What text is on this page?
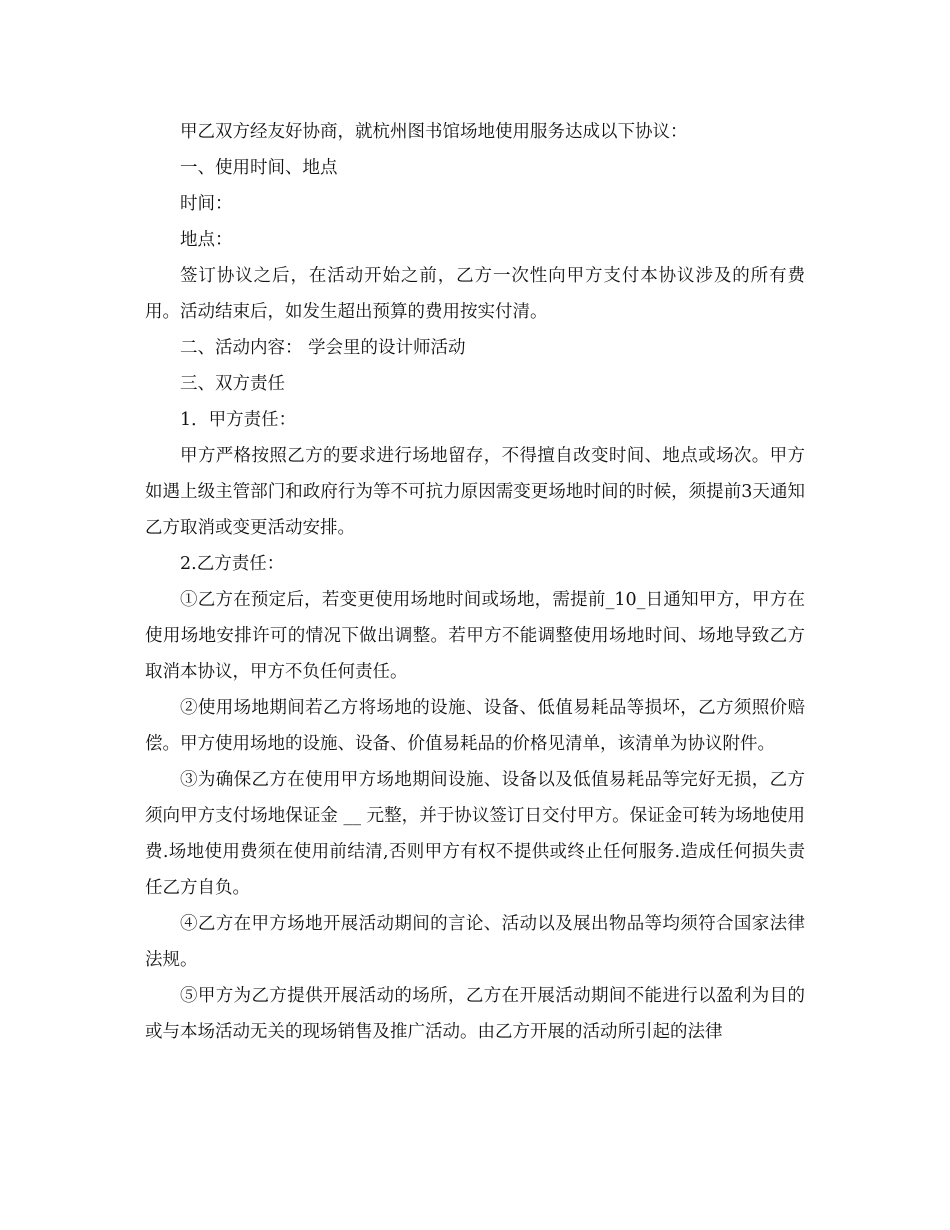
甲乙双方经友好协商，就杭州图书馆场地使用服务达成以下协议：

一、使用时间、地点

时间：

地点：

签订协议之后，在活动开始之前，乙方一次性向甲方支付本协议涉及的所有费用。活动结束后，如发生超出预算的费用按实付清。

二、活动内容： 学会里的设计师活动

三、双方责任

1．甲方责任：

甲方严格按照乙方的要求进行场地留存，不得擅自改变时间、地点或场次。甲方如遇上级主管部门和政府行为等不可抗力原因需变更场地时间的时候，须提前3天通知乙方取消或变更活动安排。

2.乙方责任：

①乙方在预定后，若变更使用场地时间或场地，需提前_10_日通知甲方，甲方在使用场地安排许可的情况下做出调整。若甲方不能调整使用场地时间、场地导致乙方取消本协议，甲方不负任何责任。

②使用场地期间若乙方将场地的设施、设备、低值易耗品等损坏，乙方须照价赔偿。甲方使用场地的设施、设备、价值易耗品的价格见清单，该清单为协议附件。

③为确保乙方在使用甲方场地期间设施、设备以及低值易耗品等完好无损，乙方须向甲方支付场地保证金 __ 元整，并于协议签订日交付甲方。保证金可转为场地使用费.场地使用费须在使用前结清,否则甲方有权不提供或终止任何服务.造成任何损失责任乙方自负。

④乙方在甲方场地开展活动期间的言论、活动以及展出物品等均须符合国家法律法规。

⑤甲方为乙方提供开展活动的场所，乙方在开展活动期间不能进行以盈利为目的或与本场活动无关的现场销售及推广活动。由乙方开展的活动所引起的法律
